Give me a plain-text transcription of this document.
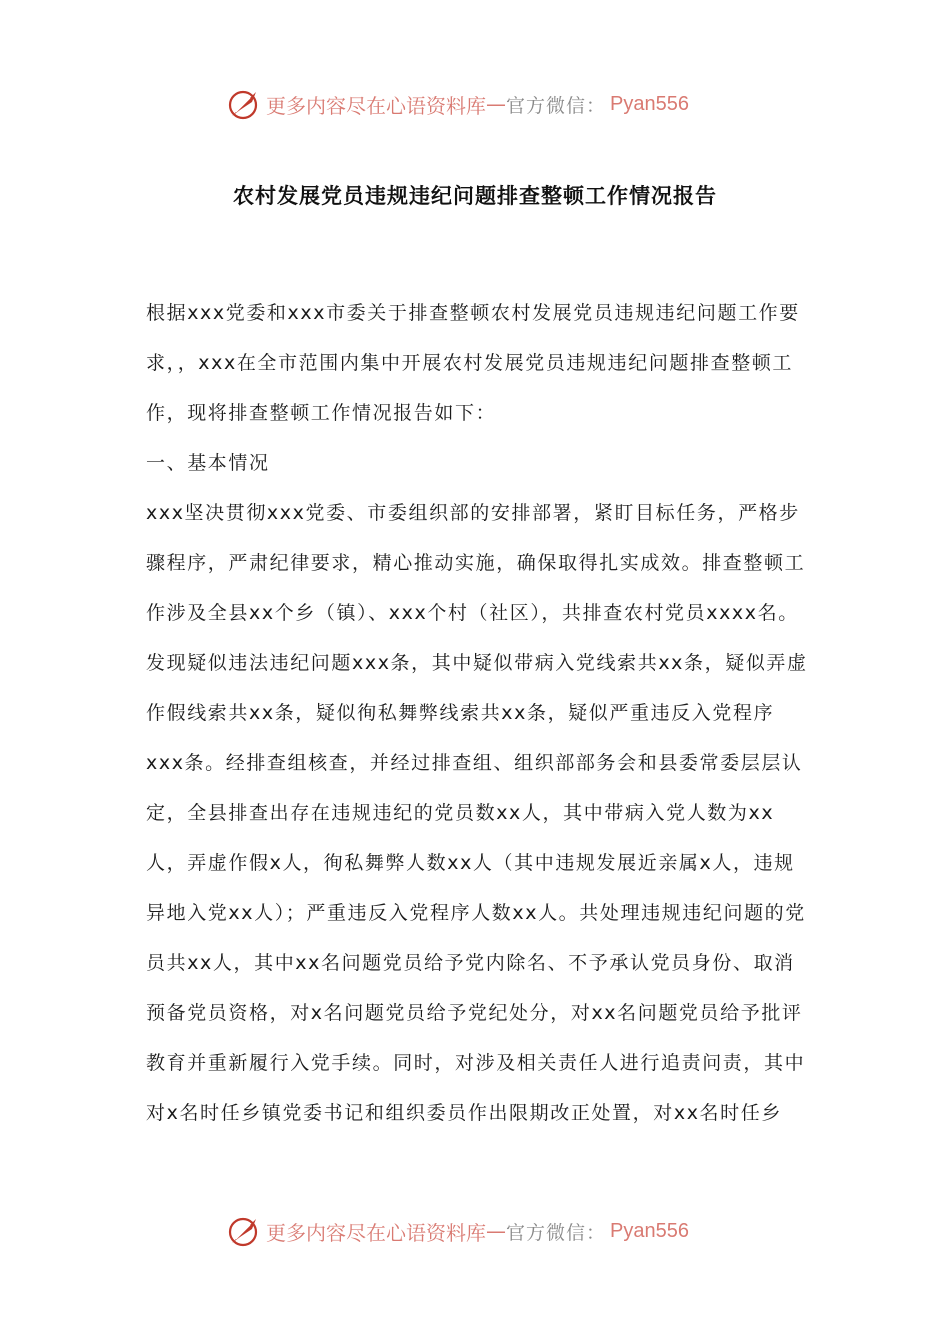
更多内容尽在心语资料库 — 官方微信： Pyan556
农村发展党员违规违纪问题排查整顿工作情况报告

根据xxx党委和xxx市委关于排查整顿农村发展党员违规违纪问题工作要求，，xxx在全市范围内集中开展农村发展党员违规违纪问题排查整顿工作，现将排查整顿工作情况报告如下：

一、基本情况

xxx坚决贯彻xxx党委、市委组织部的安排部署，紧盯目标任务，严格步骤程序，严肃纪律要求，精心推动实施，确保取得扎实成效。排查整顿工作涉及全县xx个乡（镇）、xxx个村（社区），共排查农村党员xxxx名。发现疑似违法违纪问题xxx条，其中疑似带病入党线索共xx条，疑似弄虚作假线索共xx条，疑似徇私舞弊线索共xx条，疑似严重违反入党程序xxx条。经排查组核查，并经过排查组、组织部部务会和县委常委层层认定，全县排查出存在违规违纪的党员数xx人，其中带病入党人数为xx人，弄虚作假x人，徇私舞弊人数xx人（其中违规发展近亲属x人，违规异地入党xx人）；严重违反入党程序人数xx人。共处理违规违纪问题的党员共xx人，其中xx名问题党员给予党内除名、不予承认党员身份、取消预备党员资格，对x名问题党员给予党纪处分，对xx名问题党员给予批评教育并重新履行入党手续。同时，对涉及相关责任人进行追责问责，其中对x名时任乡镇党委书记和组织委员作出限期改正处置，对xx名时任乡

更多内容尽在心语资料库 — 官方微信： Pyan556
